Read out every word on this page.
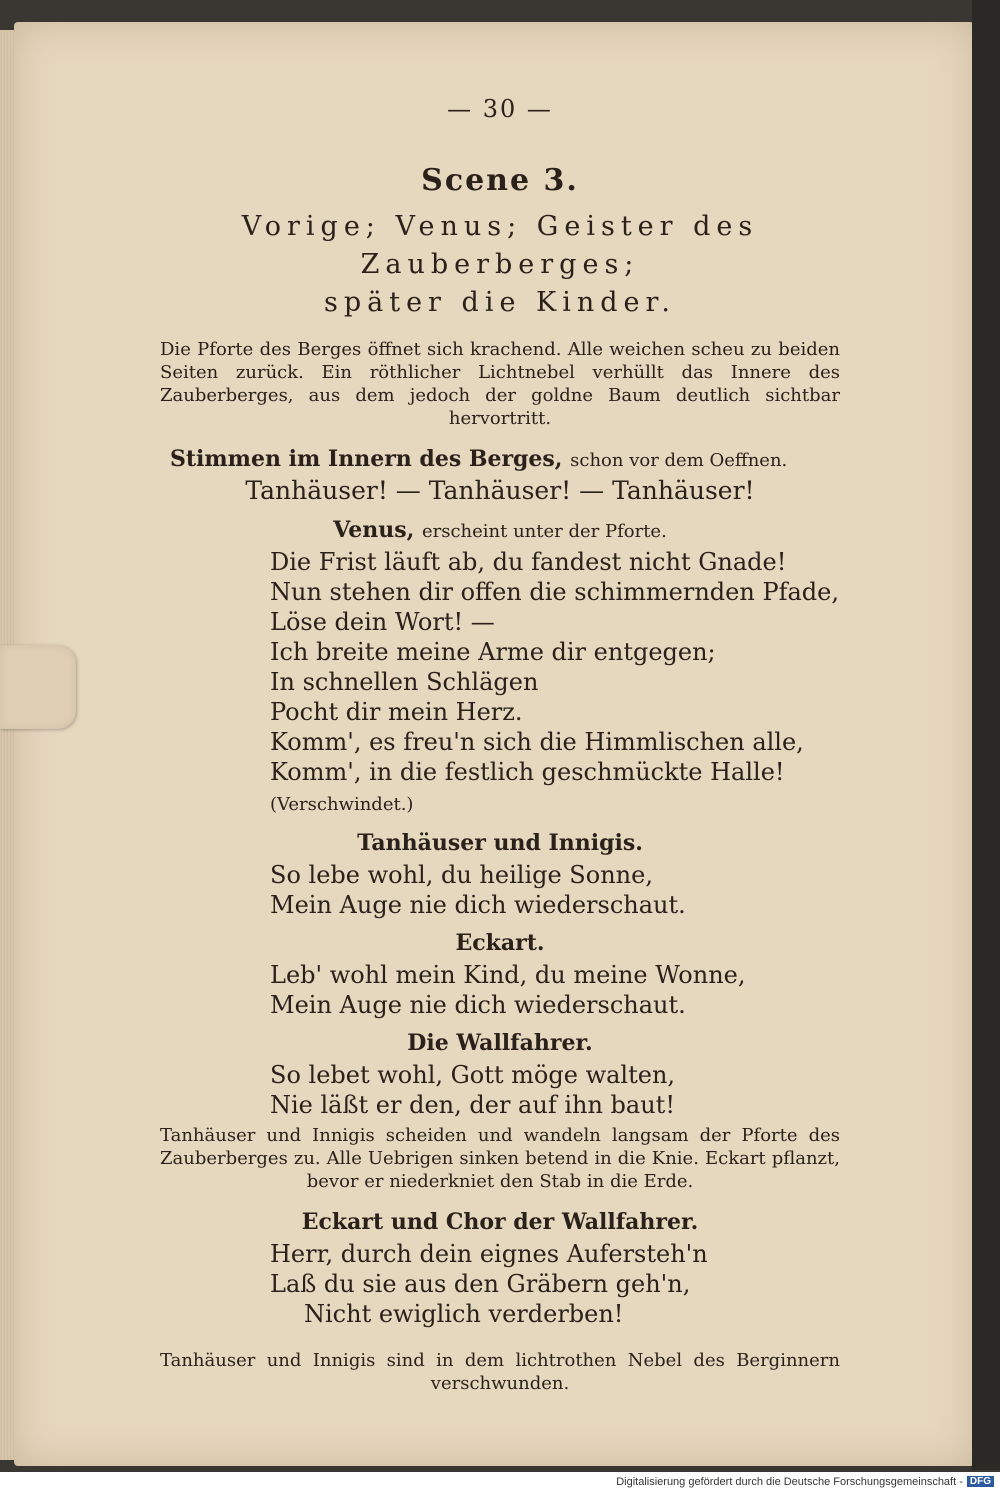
— 30 —
Scene 3.
Vorige; Venus; Geister des Zauberberges;
später die Kinder.
Die Pforte des Berges öffnet sich krachend. Alle weichen scheu zu beiden Seiten zurück. Ein röthlicher Lichtnebel verhüllt das Innere des Zauberberges, aus dem jedoch der goldne Baum deutlich sichtbar hervortritt.
Stimmen im Innern des Berges, schon vor dem Oeffnen.
Tanhäuser! — Tanhäuser! — Tanhäuser!
Venus, erscheint unter der Pforte.
Die Frist läuft ab, du fandest nicht Gnade!
Nun stehen dir offen die schimmernden Pfade,
Löse dein Wort! —
Ich breite meine Arme dir entgegen;
In schnellen Schlägen
Pocht dir mein Herz.
Komm', es freu'n sich die Himmlischen alle,
Komm', in die festlich geschmückte Halle! (Verschwindet.)
Tanhäuser und Innigis.
So lebe wohl, du heilige Sonne,
Mein Auge nie dich wiederschaut.
Eckart.
Leb' wohl mein Kind, du meine Wonne,
Mein Auge nie dich wiederschaut.
Die Wallfahrer.
So lebet wohl, Gott möge walten,
Nie läßt er den, der auf ihn baut!
Tanhäuser und Innigis scheiden und wandeln langsam der Pforte des Zauberberges zu. Alle Uebrigen sinken betend in die Knie. Eckart pflanzt, bevor er niederkniet den Stab in die Erde.
Eckart und Chor der Wallfahrer.
Herr, durch dein eignes Aufersteh'n
Laß du sie aus den Gräbern geh'n,
Nicht ewiglich verderben!
Tanhäuser und Innigis sind in dem lichtrothen Nebel des Berginnern verschwunden.
Digitalisierung gefördert durch die Deutsche Forschungsgemeinschaft - DFG
